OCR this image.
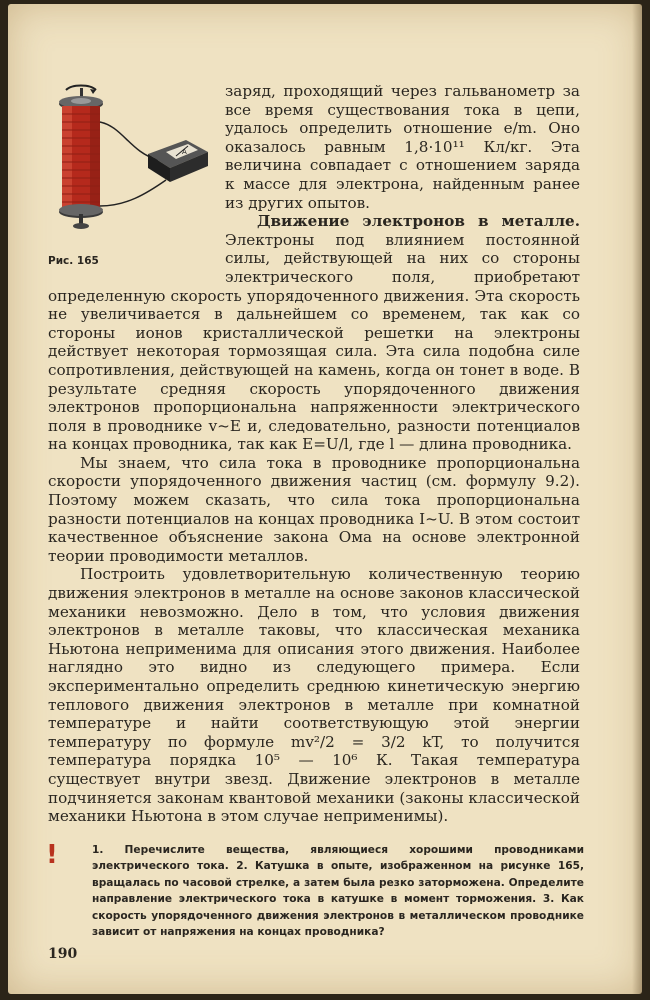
A
Рис. 165

заряд, проходящий через гальванометр за все время существования тока в цепи, удалось определить отношение e/m. Оно оказалось равным 1,8·10¹¹ Кл/кг. Эта величина совпадает с отношением заряда к массе для электрона, найденным ранее из других опытов.

Движение электронов в металле. Электроны под влиянием постоянной силы, действующей на них со стороны электрического поля, приобретают определенную скорость упорядоченного движения. Эта скорость не увеличивается в дальнейшем со временем, так как со стороны ионов кристаллической решетки на электроны действует некоторая тормозящая сила. Эта сила подобна силе сопротивления, действующей на камень, когда он тонет в воде. В результате средняя скорость упорядоченного движения электронов пропорциональна напряженности электрического поля в проводнике v~E и, следовательно, разности потенциалов на концах проводника, так как E=U/l, где l — длина проводника.

Мы знаем, что сила тока в проводнике пропорциональна скорости упорядоченного движения частиц (см. формулу 9.2). Поэтому можем сказать, что сила тока пропорциональна разности потенциалов на концах проводника I~U. В этом состоит качественное объяснение закона Ома на основе электронной теории проводимости металлов.

Построить удовлетворительную количественную теорию движения электронов в металле на основе законов классической механики невозможно. Дело в том, что условия движения электронов в металле таковы, что классическая механика Ньютона неприменима для описания этого движения. Наиболее наглядно это видно из следующего примера. Если экспериментально определить среднюю кинетическую энергию теплового движения электронов в металле при комнатной температуре и найти соответствующую этой энергии температуру по формуле mv²/2 = 3/2 kT, то получится температура порядка 10⁵ — 10⁶ К. Такая температура существует внутри звезд. Движение электронов в металле подчиняется законам квантовой механики (законы классической механики Ньютона в этом случае неприменимы).

!	1. Перечислите вещества, являющиеся хорошими проводниками электрического тока. 2. Катушка в опыте, изображенном на рисунке 165, вращалась по часовой стрелке, а затем была резко заторможена. Определите направление электрического тока в катушке в момент торможения. 3. Как скорость упорядоченного движения электронов в металлическом проводнике зависит от напряжения на концах проводника?

190
